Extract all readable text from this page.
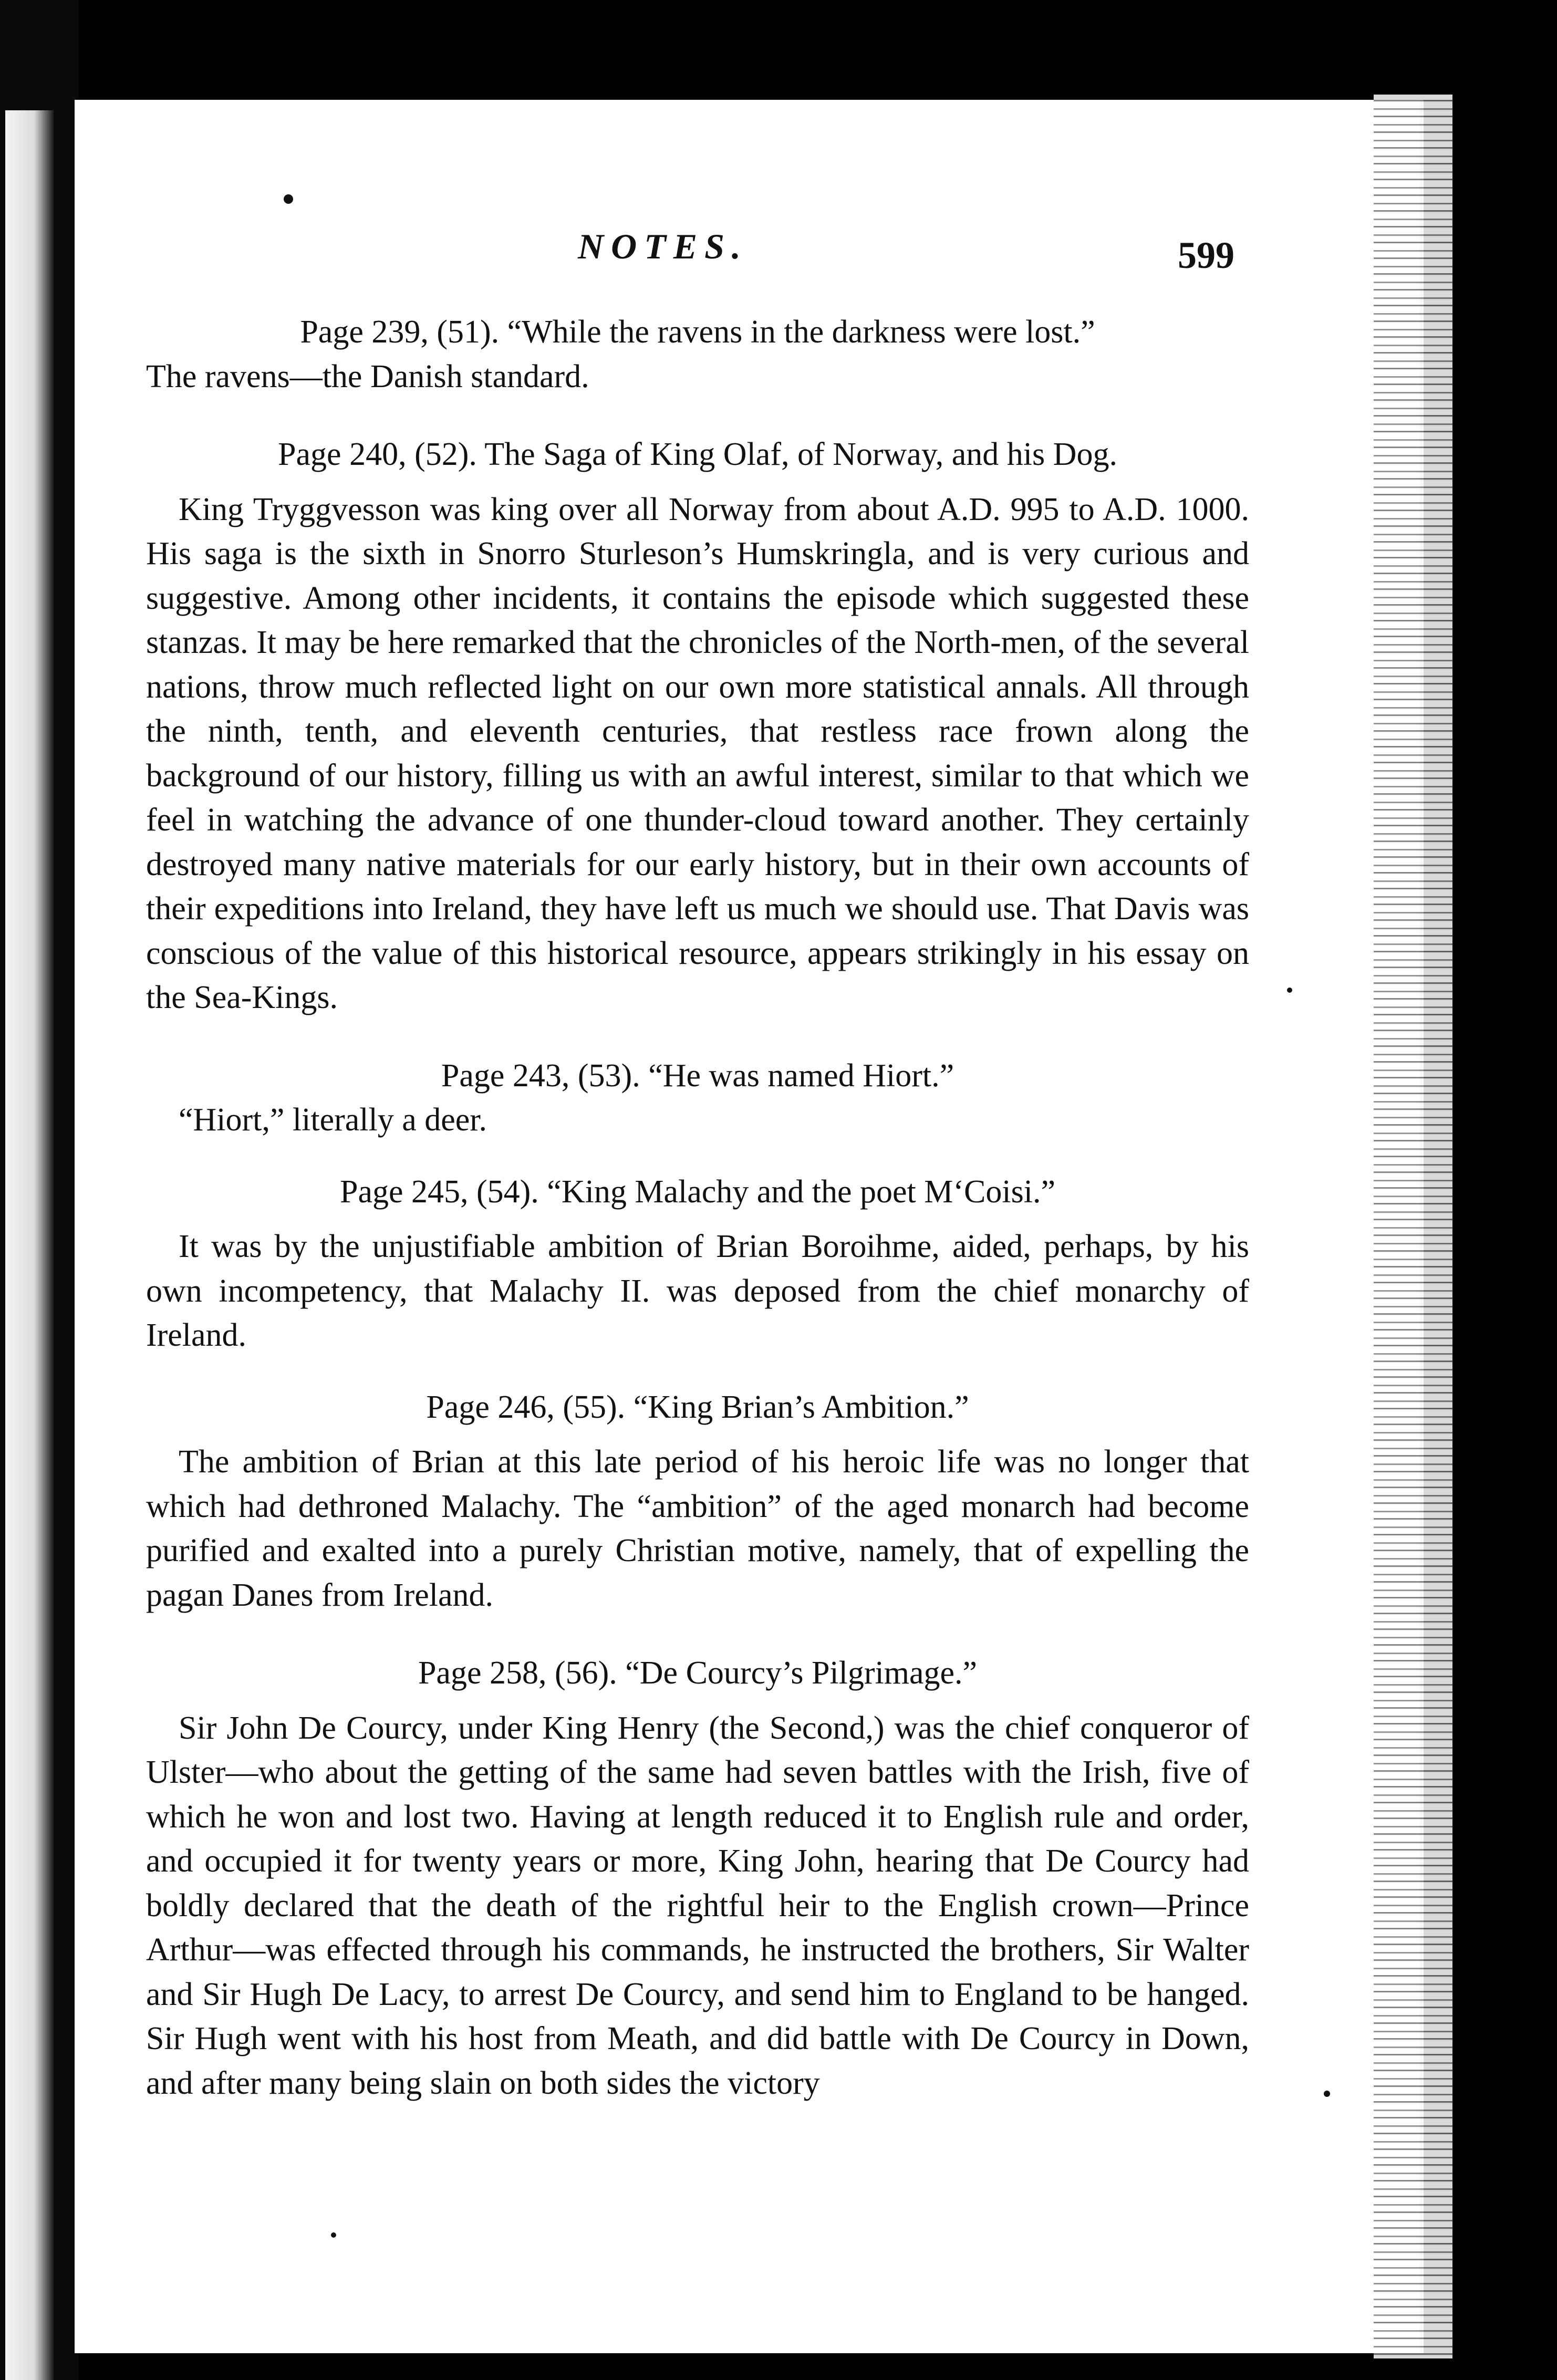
NOTES.	599

Page 239, (51). “While the ravens in the darkness were lost.”

The ravens—the Danish standard.

Page 240, (52). The Saga of King Olaf, of Norway, and his Dog.

King Tryggvesson was king over all Norway from about A.D. 995 to A.D. 1000. His saga is the sixth in Snorro Sturleson’s Humskringla, and is very curious and suggestive. Among other incidents, it contains the episode which suggested these stanzas. It may be here remarked that the chronicles of the North-men, of the several nations, throw much reflected light on our own more statistical annals. All through the ninth, tenth, and eleventh centuries, that restless race frown along the background of our history, filling us with an awful interest, similar to that which we feel in watching the advance of one thunder-cloud toward another. They certainly destroyed many native materials for our early history, but in their own accounts of their expeditions into Ireland, they have left us much we should use. That Davis was conscious of the value of this historical resource, appears strikingly in his essay on the Sea-Kings.

Page 243, (53). “He was named Hiort.”

“Hiort,” literally a deer.

Page 245, (54). “King Malachy and the poet M‘Coisi.”

It was by the unjustifiable ambition of Brian Boroihme, aided, perhaps, by his own incompetency, that Malachy II. was deposed from the chief monarchy of Ireland.

Page 246, (55). “King Brian’s Ambition.”

The ambition of Brian at this late period of his heroic life was no longer that which had dethroned Malachy. The “ambition” of the aged monarch had become purified and exalted into a purely Christian motive, namely, that of expelling the pagan Danes from Ireland.

Page 258, (56). “De Courcy’s Pilgrimage.”

Sir John De Courcy, under King Henry (the Second,) was the chief conqueror of Ulster—who about the getting of the same had seven battles with the Irish, five of which he won and lost two. Having at length reduced it to English rule and order, and occupied it for twenty years or more, King John, hearing that De Courcy had boldly declared that the death of the rightful heir to the English crown—Prince Arthur—was effected through his commands, he instructed the brothers, Sir Walter and Sir Hugh De Lacy, to arrest De Courcy, and send him to England to be hanged. Sir Hugh went with his host from Meath, and did battle with De Courcy in Down, and after many being slain on both sides the victory
